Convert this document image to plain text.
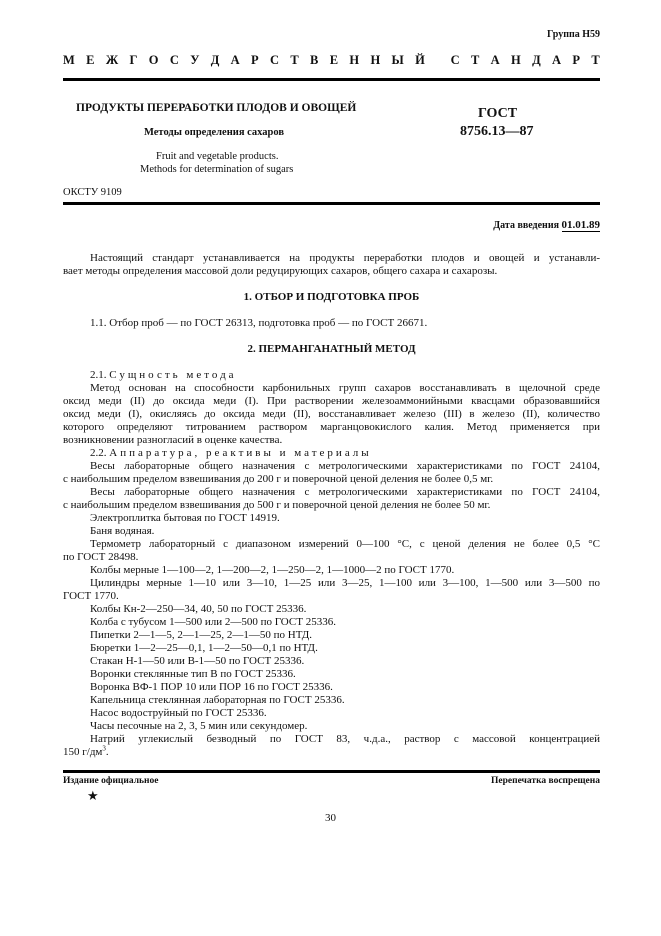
Группа Н59
М Е Ж Г О С У Д А Р С Т В Е Н Н Ы Й
С Т А Н Д А Р Т
ПРОДУКТЫ ПЕРЕРАБОТКИ ПЛОДОВ И ОВОЩЕЙ
Методы определения сахаров
Fruit and vegetable products.
Methods for determination of sugars
ГОСТ
8756.13—87
ОКСТУ 9109
Дата введения 01.01.89
Настоящий стандарт устанавливается на продукты переработки плодов и овощей и устанавли-
вает методы определения массовой доли редуцирующих сахаров, общего сахара и сахарозы.

1. ОТБОР И ПОДГОТОВКА ПРОБ

1.1. Отбор проб — по ГОСТ 26313, подготовка проб — по ГОСТ 26671.

2. ПЕРМАНГАНАТНЫЙ МЕТОД

2.1. Сущность метода
Метод основан на способности карбонильных групп сахаров восстанавливать в щелочной среде
оксид меди (II) до оксида меди (I). При растворении железоаммонийными квасцами образовавшийся
оксид меди (I), окисляясь до оксида меди (II), восстанавливает железо (III) в железо (II), количество
которого определяют титрованием раствором марганцовокислого калия. Метод применяется при
возникновении разногласий в оценке качества.
2.2. Аппаратура, реактивы и материалы
Весы лабораторные общего назначения с метрологическими характеристиками по ГОСТ 24104,
с наибольшим пределом взвешивания до 200 г и поверочной ценой деления не более 0,5 мг.
Весы лабораторные общего назначения с метрологическими характеристиками по ГОСТ 24104,
с наибольшим пределом взвешивания до 500 г и поверочной ценой деления не более 50 мг.
Электроплитка бытовая по ГОСТ 14919.
Баня водяная.
Термометр лабораторный с диапазоном измерений 0—100 °С, с ценой деления не более 0,5 °С
по ГОСТ 28498.
Колбы мерные 1—100—2, 1—200—2, 1—250—2, 1—1000—2 по ГОСТ 1770.
Цилиндры мерные 1—10 или 3—10, 1—25 или 3—25, 1—100 или 3—100, 1—500 или 3—500 по
ГОСТ 1770.
Колбы Кн-2—250—34, 40, 50 по ГОСТ 25336.
Колба с тубусом 1—500 или 2—500 по ГОСТ 25336.
Пипетки 2—1—5, 2—1—25, 2—1—50 по НТД.
Бюретки 1—2—25—0,1, 1—2—50—0,1 по НТД.
Стакан Н-1—50 или В-1—50 по ГОСТ 25336.
Воронки стеклянные тип В по ГОСТ 25336.
Воронка ВФ-1 ПОР 10 или ПОР 16 по ГОСТ 25336.
Капельница стеклянная лабораторная по ГОСТ 25336.
Насос водоструйный по ГОСТ 25336.
Часы песочные на 2, 3, 5 мин или секундомер.
Натрий углекислый безводный по ГОСТ 83, ч.д.а., раствор с массовой концентрацией
150 $г/дм^3$.
Издание официальное
★
Перепечатка воспрещена
30
